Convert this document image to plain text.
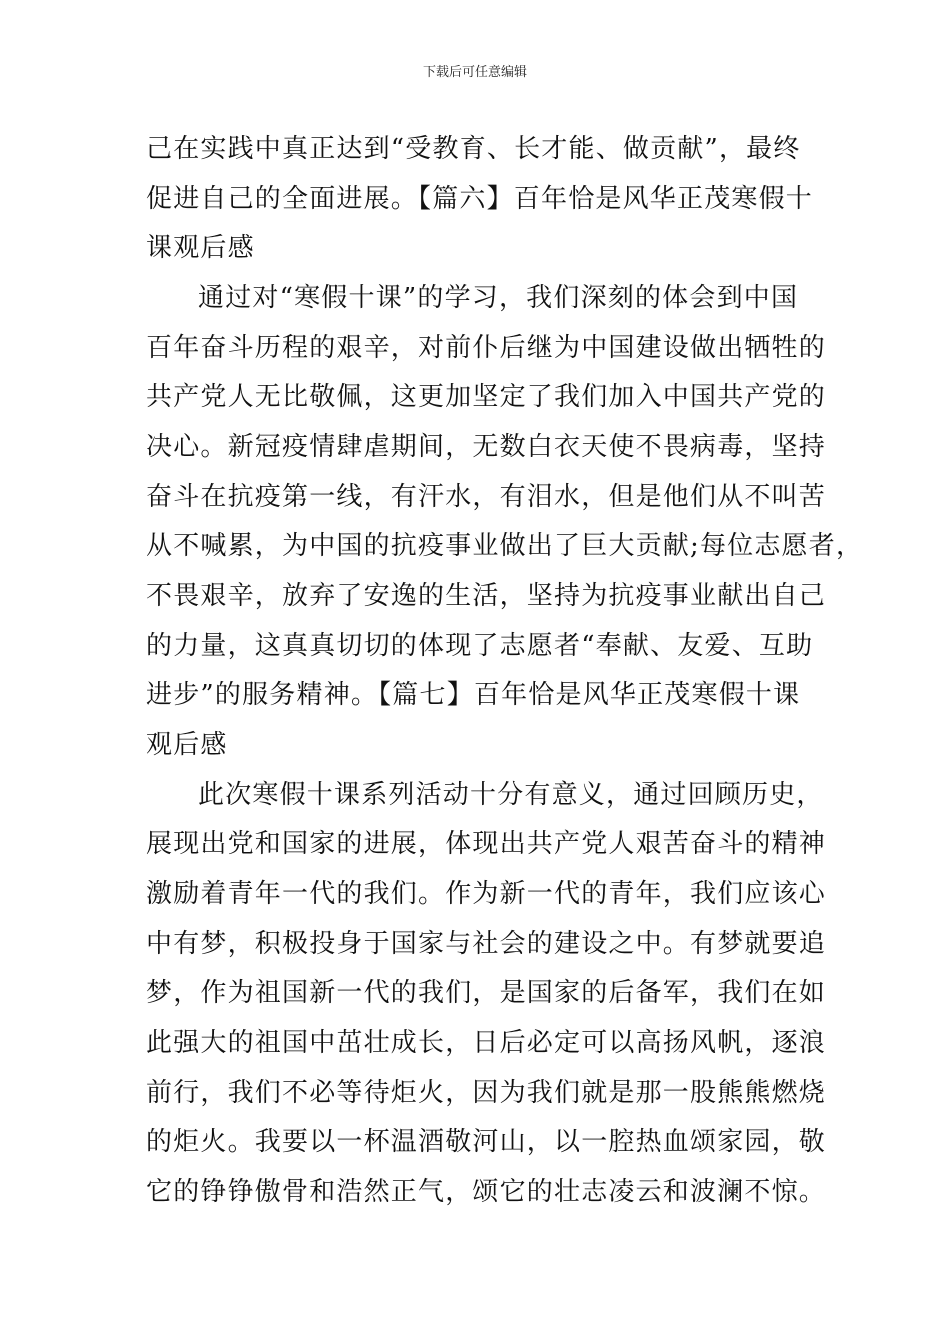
下载后可任意编辑
己在实践中真正达到“受教育、长才能、做贡献”，最终
促进自己的全面进展。【篇六】百年恰是风华正茂寒假十
课观后感
通过对“寒假十课”的学习，我们深刻的体会到中国
百年奋斗历程的艰辛，对前仆后继为中国建设做出牺牲的
共产党人无比敬佩，这更加坚定了我们加入中国共产党的
决心。新冠疫情肆虐期间，无数白衣天使不畏病毒，坚持
奋斗在抗疫第一线，有汗水，有泪水，但是他们从不叫苦
从不喊累，为中国的抗疫事业做出了巨大贡献;每位志愿者，
不畏艰辛，放弃了安逸的生活，坚持为抗疫事业献出自己
的力量，这真真切切的体现了志愿者“奉献、友爱、互助
进步”的服务精神。【篇七】百年恰是风华正茂寒假十课
观后感
此次寒假十课系列活动十分有意义，通过回顾历史，
展现出党和国家的进展，体现出共产党人艰苦奋斗的精神
激励着青年一代的我们。作为新一代的青年，我们应该心
中有梦，积极投身于国家与社会的建设之中。有梦就要追
梦，作为祖国新一代的我们，是国家的后备军，我们在如
此强大的祖国中茁壮成长，日后必定可以高扬风帆，逐浪
前行，我们不必等待炬火，因为我们就是那一股熊熊燃烧
的炬火。我要以一杯温酒敬河山，以一腔热血颂家园，敬
它的铮铮傲骨和浩然正气，颂它的壮志凌云和波澜不惊。
